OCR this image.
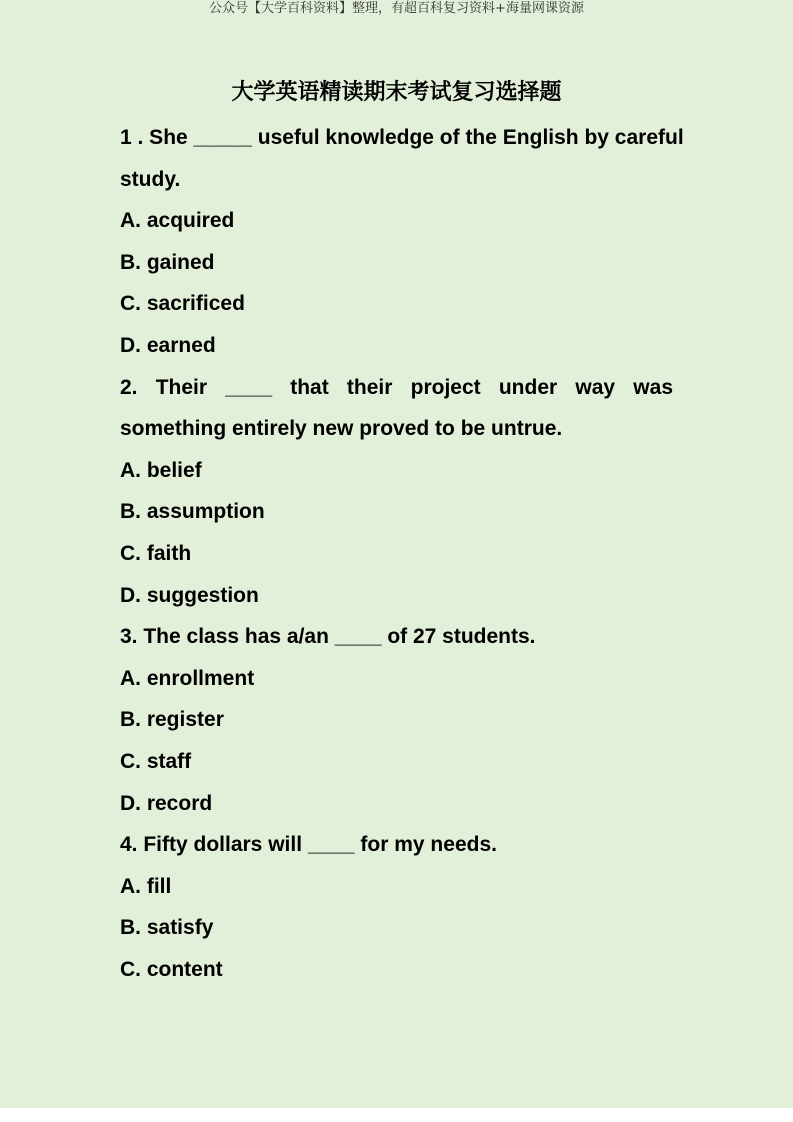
公众号【大学百科资料】整理，有超百科复习资料+海量网课资源
大学英语精读期末考试复习选择题
1 . She _____ useful knowledge of the English by careful
study.
A. acquired
B. gained
C. sacrificed
D. earned
2. Their ____ that their project under way was
something entirely new proved to be untrue.
A. belief
B. assumption
C. faith
D. suggestion
3. The class has a/an ____ of 27 students.
A. enrollment
B. register
C. staff
D. record
4. Fifty dollars will ____ for my needs.
A. fill
B. satisfy
C. content
